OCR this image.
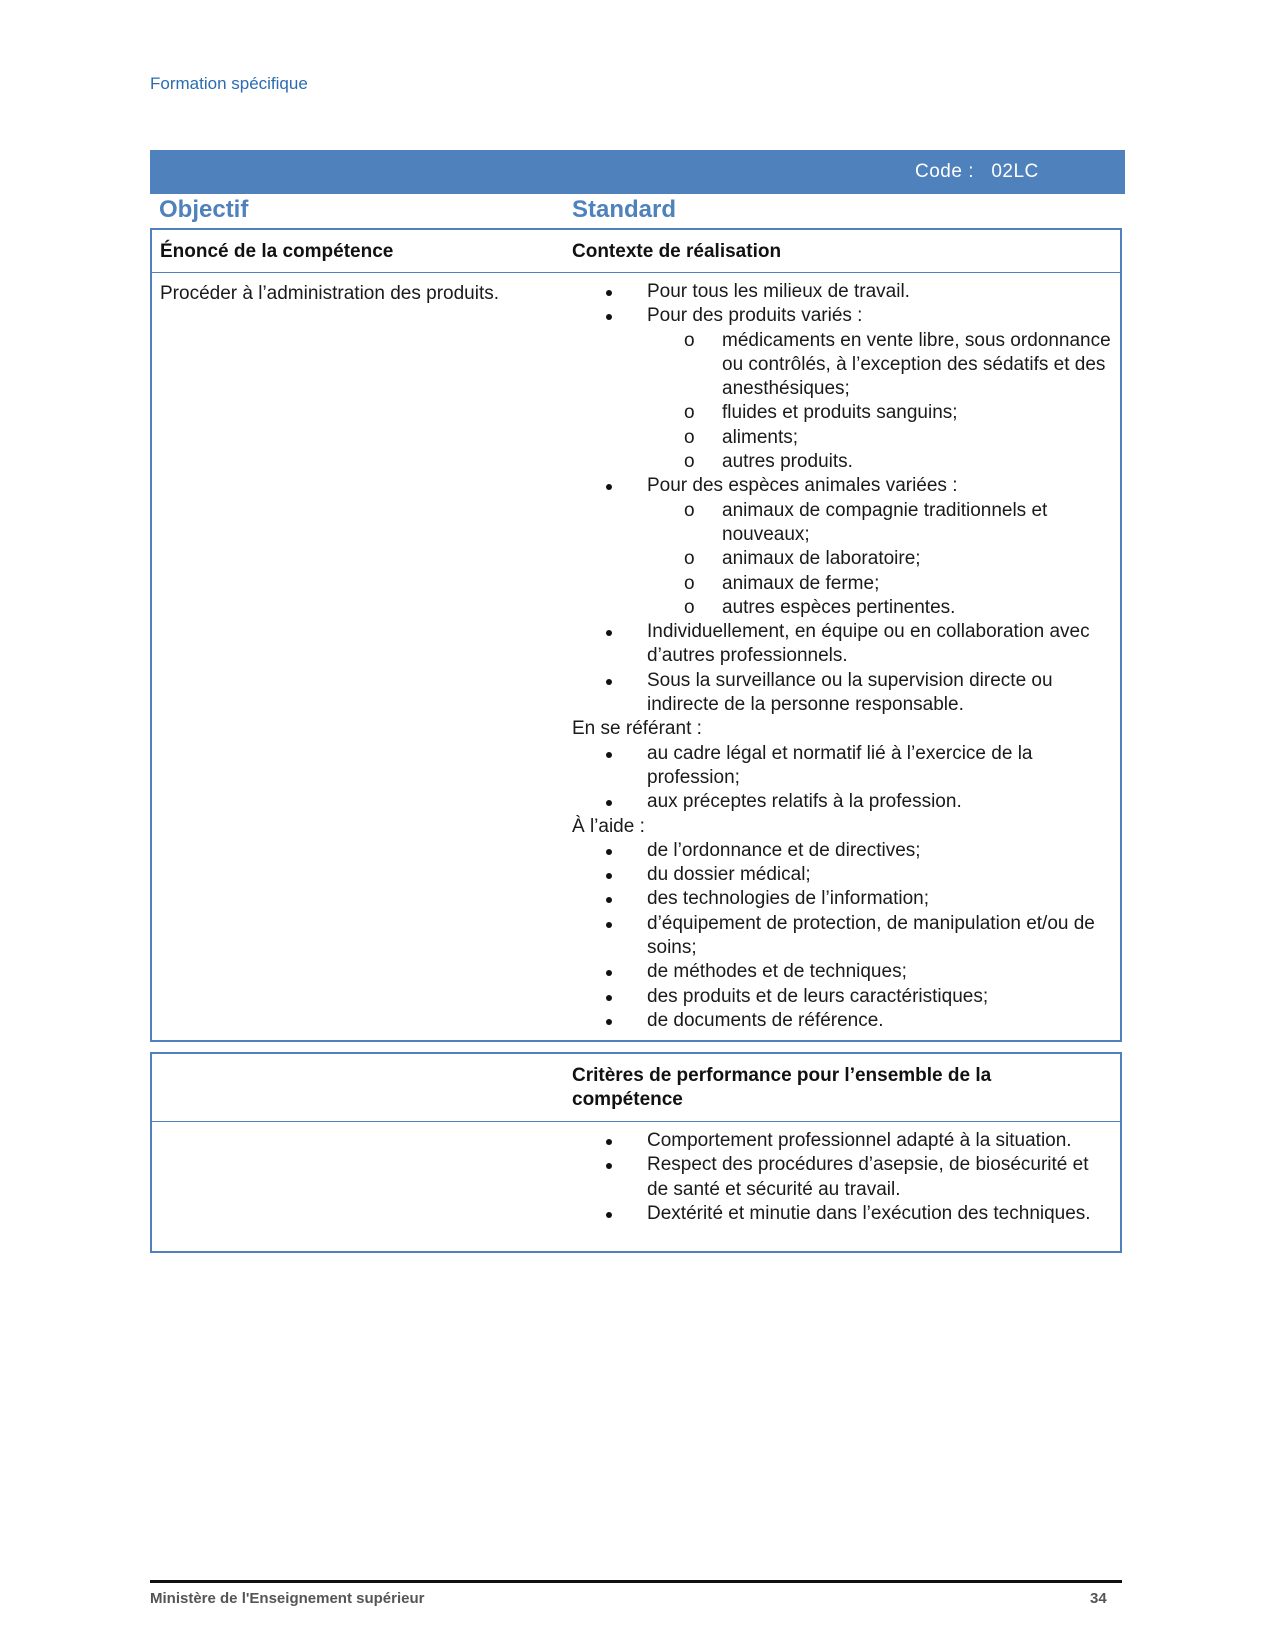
Formation spécifique
Code : 02LC
Objectif	Standard
Énoncé de la compétence	Contexte de réalisation
Procéder à l’administration des produits.	Pour tous les milieux de travail.
Pour des produits variés :
o médicaments en vente libre, sous ordonnance ou contrôlés, à l’exception des sédatifs et des anesthésiques;
o fluides et produits sanguins;
o aliments;
o autres produits.
Pour des espèces animales variées :
o animaux de compagnie traditionnels et nouveaux;
o animaux de laboratoire;
o animaux de ferme;
o autres espèces pertinentes.
Individuellement, en équipe ou en collaboration avec d’autres professionnels.
Sous la surveillance ou la supervision directe ou indirecte de la personne responsable.
En se référant :
au cadre légal et normatif lié à l’exercice de la profession;
aux préceptes relatifs à la profession.
À l’aide :
de l’ordonnance et de directives;
du dossier médical;
des technologies de l’information;
d’équipement de protection, de manipulation et/ou de soins;
de méthodes et de techniques;
des produits et de leurs caractéristiques;
de documents de référence.
Critères de performance pour l’ensemble de la compétence
Comportement professionnel adapté à la situation.
Respect des procédures d’asepsie, de biosécurité et de santé et sécurité au travail.
Dextérité et minutie dans l’exécution des techniques.
Ministère de l'Enseignement supérieur	34
